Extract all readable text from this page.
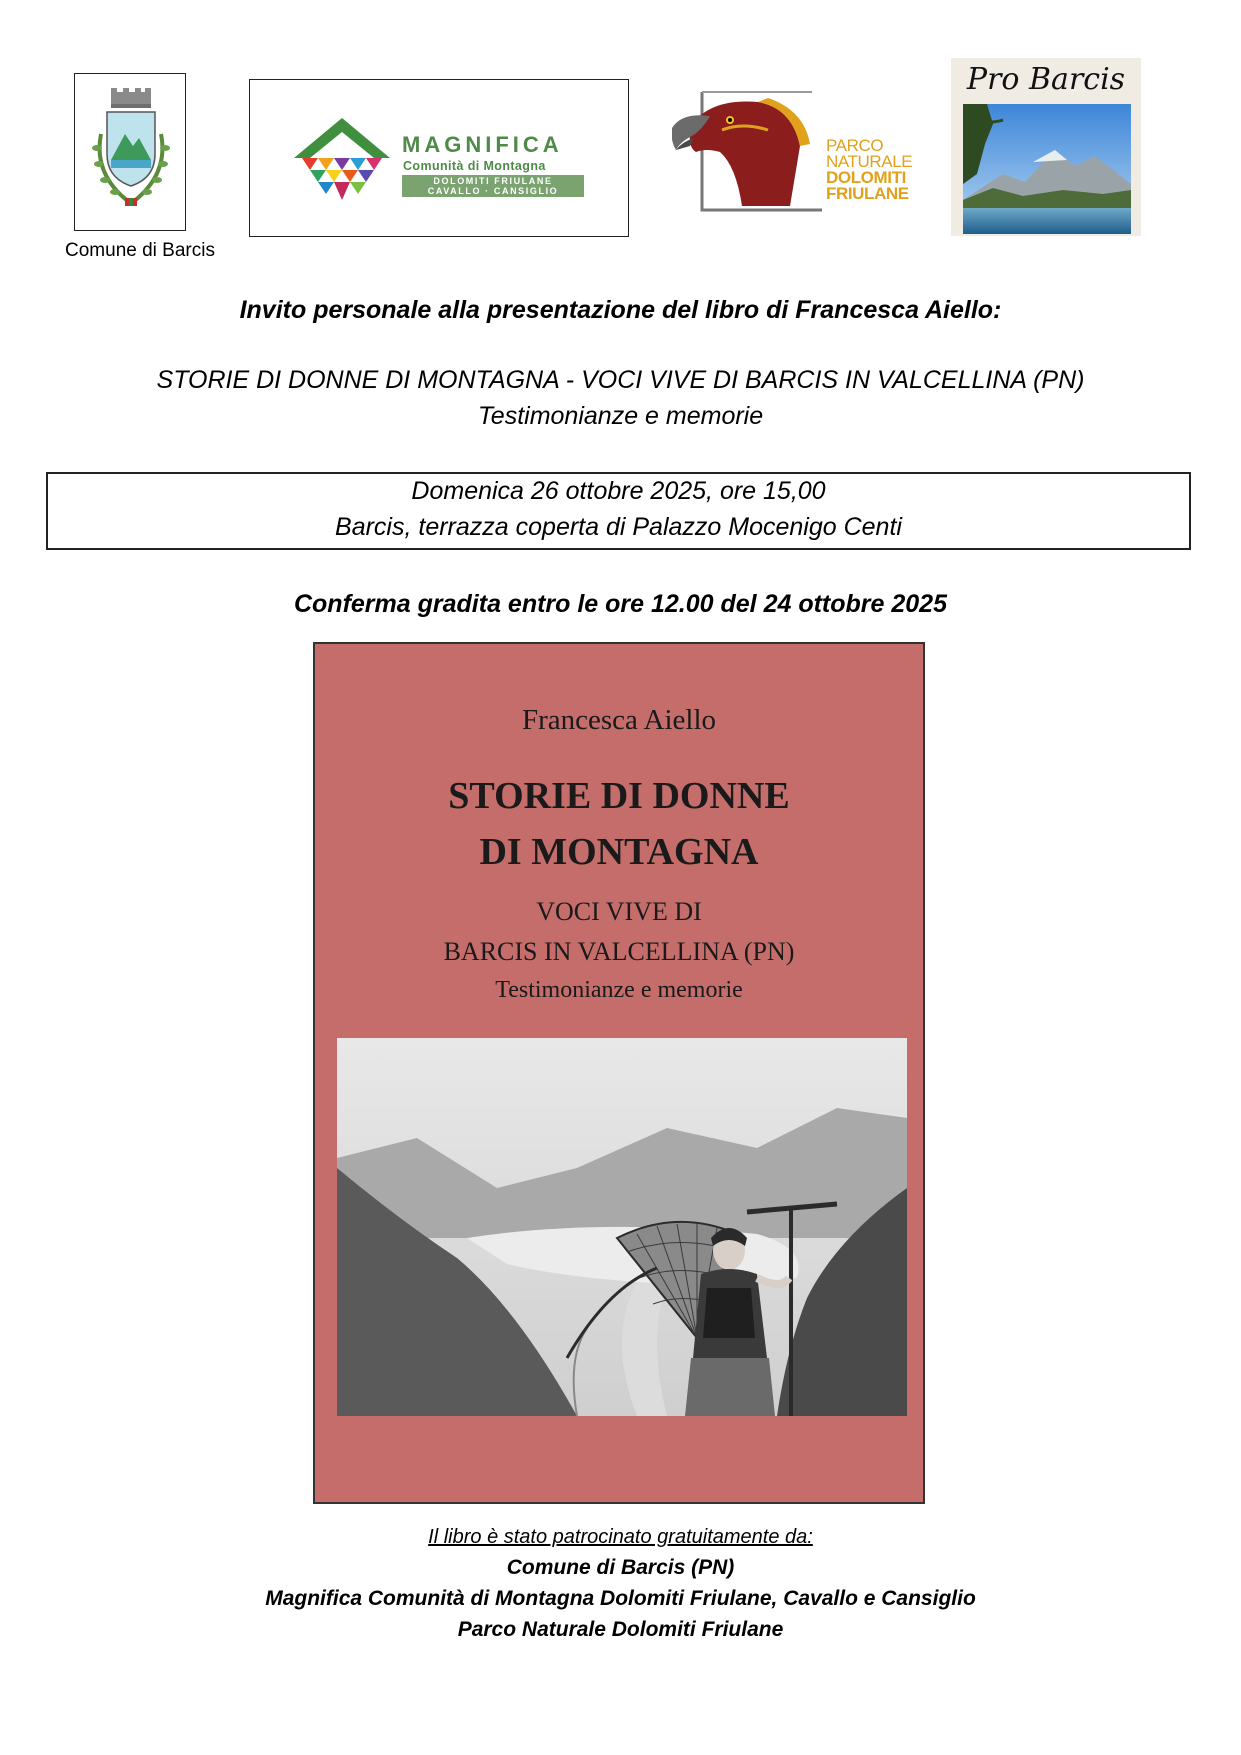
Comune di Barcis
MAGNIFICA
Comunità di Montagna
DOLOMITI FRIULANE
CAVALLO · CANSIGLIO
PARCO
NATURALE
DOLOMITI
FRIULANE
Pro Barcis
Invito personale alla presentazione del libro di Francesca Aiello:
STORIE DI DONNE DI MONTAGNA - VOCI VIVE DI BARCIS IN VALCELLINA (PN)
Testimonianze e memorie
Domenica 26 ottobre 2025, ore 15,00
Barcis, terrazza coperta di Palazzo Mocenigo Centi
Conferma gradita entro le ore 12.00 del 24 ottobre 2025
Francesca Aiello
STORIE DI DONNE
DI MONTAGNA
VOCI VIVE DI
BARCIS IN VALCELLINA (PN)
Testimonianze e memorie
Il libro è stato patrocinato gratuitamente da:
Comune di Barcis (PN)
Magnifica Comunità di Montagna Dolomiti Friulane, Cavallo e Cansiglio
Parco Naturale Dolomiti Friulane
